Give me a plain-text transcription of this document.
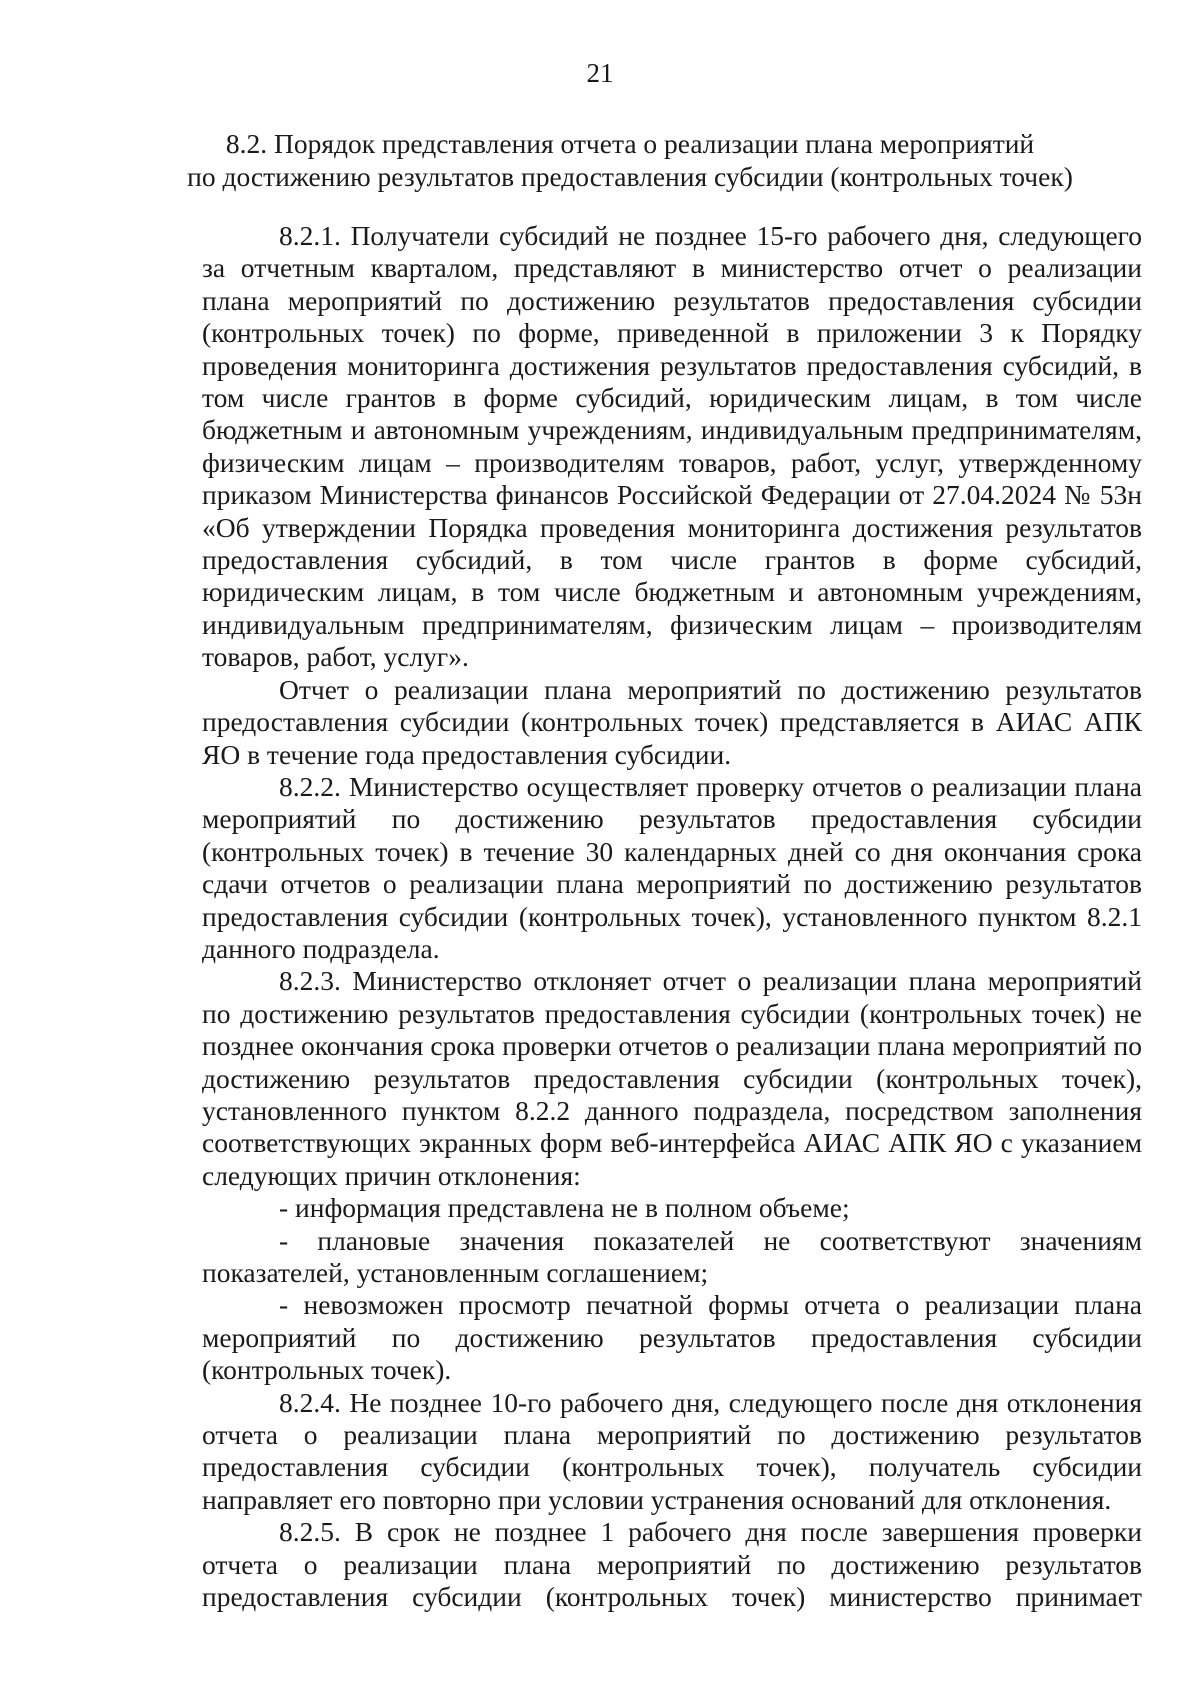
21
8.2. Порядок представления отчета о реализации плана мероприятий
по достижению результатов предоставления субсидии (контрольных точек)

8.2.1. Получатели субсидий не позднее 15-го рабочего дня, следующего за отчетным кварталом, представляют в министерство отчет о реализации плана мероприятий по достижению результатов предоставления субсидии (контрольных точек) по форме, приведенной в приложении 3 к Порядку проведения мониторинга достижения результатов предоставления субсидий, в том числе грантов в форме субсидий, юридическим лицам, в том числе бюджетным и автономным учреждениям, индивидуальным предпринимателям, физическим лицам – производителям товаров, работ, услуг, утвержденному приказом Министерства финансов Российской Федерации от 27.04.2024 № 53н «Об утверждении Порядка проведения мониторинга достижения результатов предоставления субсидий, в том числе грантов в форме субсидий, юридическим лицам, в том числе бюджетным и автономным учреждениям, индивидуальным предпринимателям, физическим лицам – производителям товаров, работ, услуг».

Отчет о реализации плана мероприятий по достижению результатов предоставления субсидии (контрольных точек) представляется в АИАС АПК ЯО в течение года предоставления субсидии.

8.2.2. Министерство осуществляет проверку отчетов о реализации плана мероприятий по достижению результатов предоставления субсидии (контрольных точек) в течение 30 календарных дней со дня окончания срока сдачи отчетов о реализации плана мероприятий по достижению результатов предоставления субсидии (контрольных точек), установленного пунктом 8.2.1 данного подраздела.

8.2.3. Министерство отклоняет отчет о реализации плана мероприятий по достижению результатов предоставления субсидии (контрольных точек) не позднее окончания срока проверки отчетов о реализации плана мероприятий по достижению результатов предоставления субсидии (контрольных точек), установленного пунктом 8.2.2 данного подраздела, посредством заполнения соответствующих экранных форм веб-интерфейса АИАС АПК ЯО с указанием следующих причин отклонения:

- информация представлена не в полном объеме;

- плановые значения показателей не соответствуют значениям показателей, установленным соглашением;

- невозможен просмотр печатной формы отчета о реализации плана мероприятий по достижению результатов предоставления субсидии (контрольных точек).

8.2.4. Не позднее 10-го рабочего дня, следующего после дня отклонения отчета о реализации плана мероприятий по достижению результатов предоставления субсидии (контрольных точек), получатель субсидии направляет его повторно при условии устранения оснований для отклонения.

8.2.5. В срок не позднее 1 рабочего дня после завершения проверки отчета о реализации плана мероприятий по достижению результатов предоставления субсидии (контрольных точек) министерство принимает
